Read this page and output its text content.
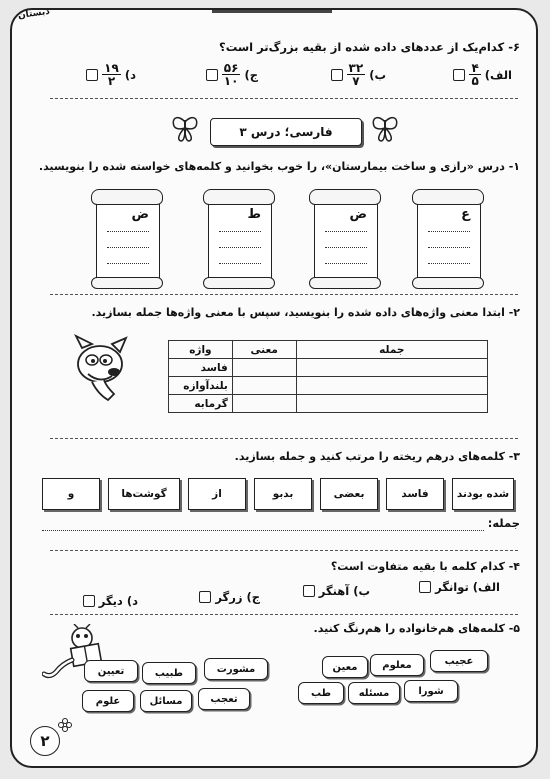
دبستان
۶- کدام‌یک از عددهای داده شده از بقیه بزرگ‌تر است؟
الف)
$\frac{۴}{۵}$
ب)
$\frac{۳۲}{۷}$
ج)
$\frac{۵۶}{۱۰}$
د)
$\frac{۱۹}{۲}$
فارسی؛ درس ۳
۱- درس «رازی و ساخت بیمارستان»، را خوب بخوانید و کلمه‌های خواسته شده را بنویسید.
ع
ض
ط
ض
۲- ابتدا معنی واژه‌های داده شده را بنویسید، سپس با معنی واژه‌ها جمله بسازید.
جمله	معنی	واژه
		فاسد
		بلندآوازه
		گرمابه
۳- کلمه‌های درهم ریخته را مرتب کنید و جمله بسازید.
شده بودند
فاسد
بعضی
بدبو
از
گوشت‌ها
و
جمله:
۴- کدام کلمه با بقیه متفاوت است؟
الف)
توانگر
ب)
آهنگر
ج)
زرگر
د)
دیگر
۵- کلمه‌های هم‌خانواده را هم‌رنگ کنید.
عجیب
معلوم
معین
شورا
مسئله
طب
مشورت
طبیب
تعیین
تعجب
مسائل
علوم
۲
